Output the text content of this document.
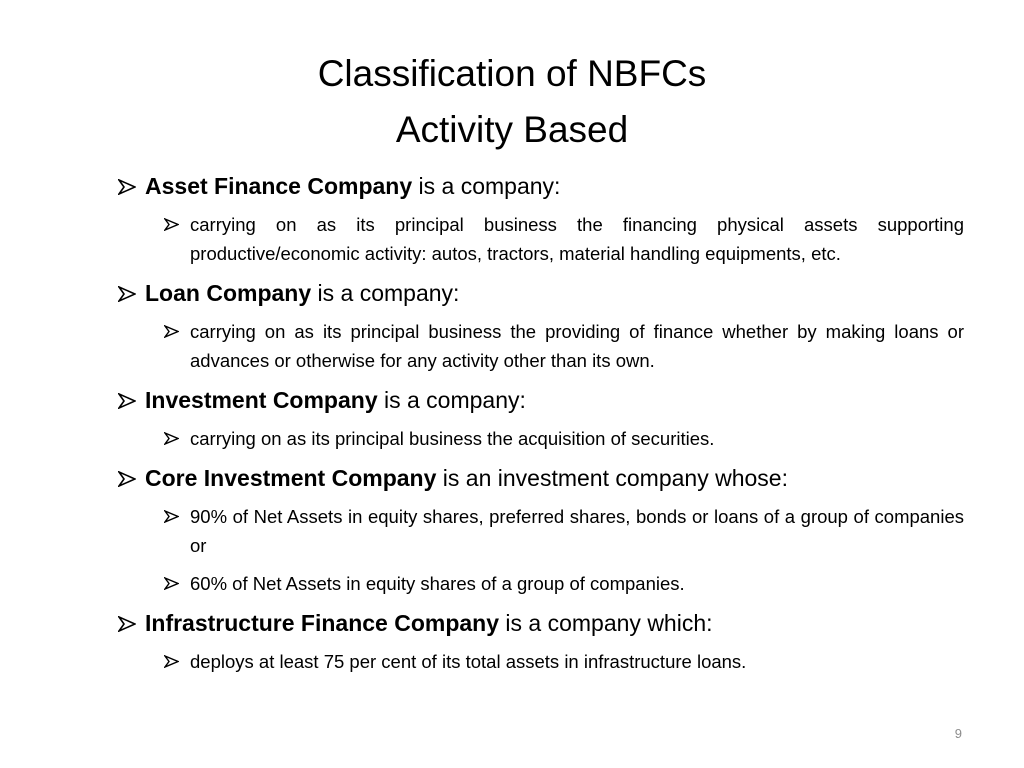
Classification of NBFCs
Activity Based
Asset Finance Company is a company:
carrying on as its principal business the financing physical assets supporting productive/economic activity: autos, tractors, material handling equipments, etc.
Loan Company is a company:
carrying on as its principal business the providing of finance whether by making loans or advances or otherwise for any activity other than its own.
Investment Company is a company:
carrying on as its principal business the acquisition of securities.
Core Investment Company is an investment company whose:
90% of Net Assets in equity shares, preferred shares, bonds or loans of a group of companies or
60% of Net Assets in equity shares of a group of companies.
Infrastructure Finance Company is a company which:
deploys at least 75 per cent of its total assets in infrastructure loans.
9
